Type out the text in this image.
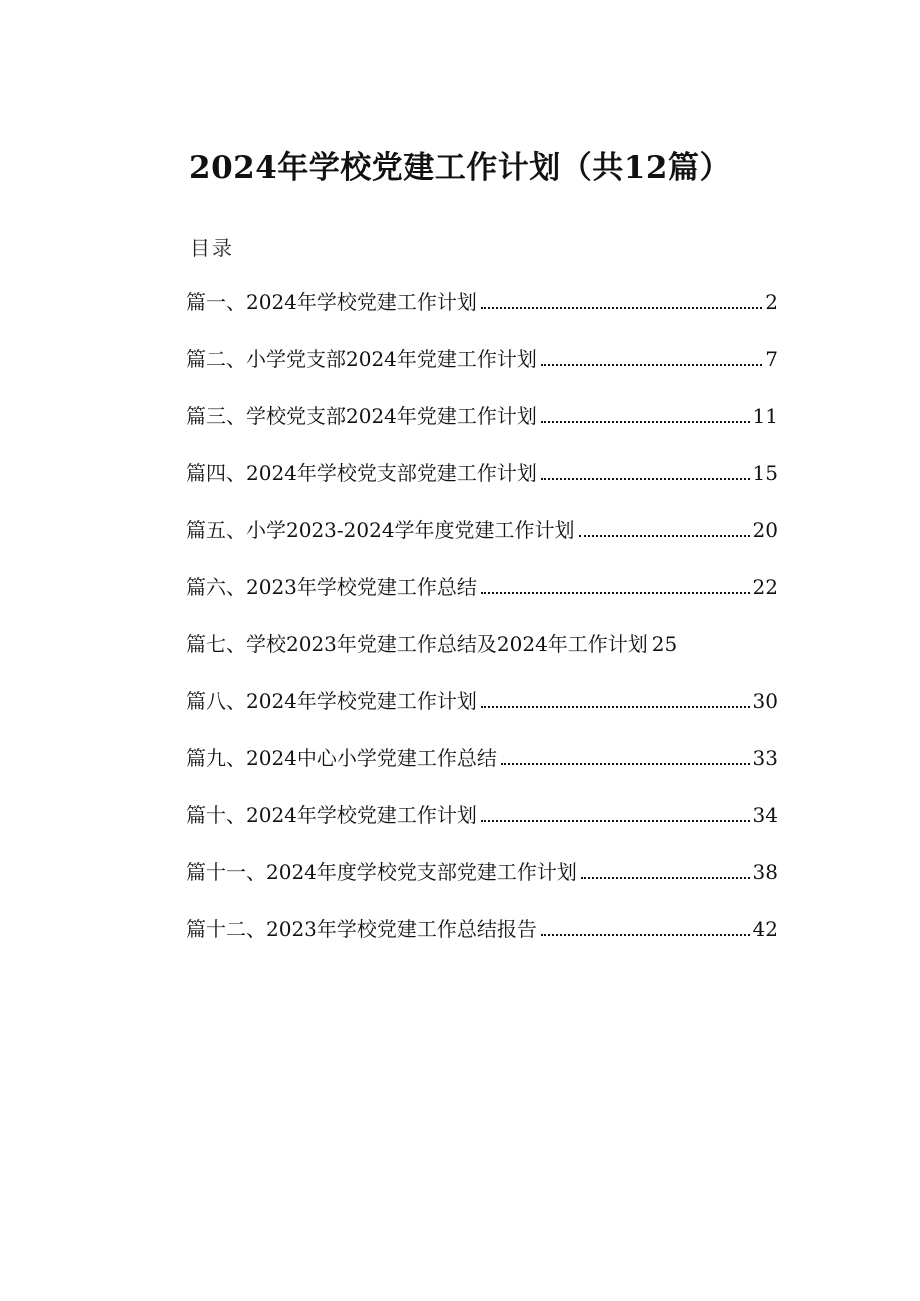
2024年学校党建工作计划（共12篇）
目录
篇一、2024年学校党建工作计划	2
篇二、小学党支部2024年党建工作计划	7
篇三、学校党支部2024年党建工作计划	11
篇四、2024年学校党支部党建工作计划	15
篇五、小学2023-2024学年度党建工作计划	20
篇六、2023年学校党建工作总结	22
篇七、学校2023年党建工作总结及2024年工作计划 25
篇八、2024年学校党建工作计划	30
篇九、2024中心小学党建工作总结	33
篇十、2024年学校党建工作计划	34
篇十一、2024年度学校党支部党建工作计划	38
篇十二、2023年学校党建工作总结报告	42
